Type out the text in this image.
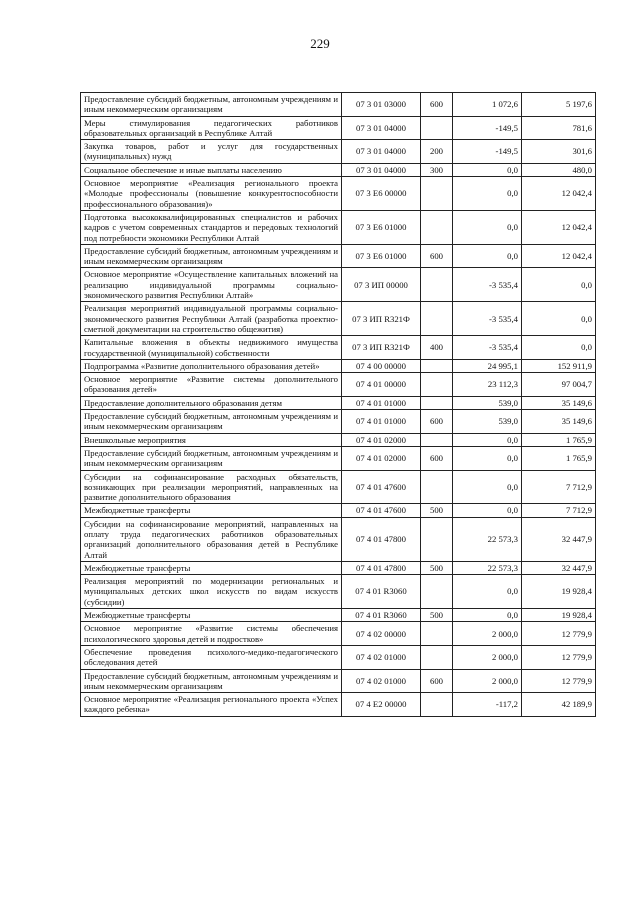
229
Предоставление субсидий бюджетным, автономным учреждениям и иным некоммерческим организациям	07 3 01 03000	600	1 072,6	5 197,6
Меры стимулирования педагогических работников образовательных организаций в Республике Алтай	07 3 01 04000		-149,5	781,6
Закупка товаров, работ и услуг для государственных (муниципальных) нужд	07 3 01 04000	200	-149,5	301,6
Социальное обеспечение и иные выплаты населению	07 3 01 04000	300	0,0	480,0
Основное мероприятие «Реализация регионального проекта «Молодые профессионалы (повышение конкурентоспособности профессионального образования)»	07 3 E6 00000		0,0	12 042,4
Подготовка высококвалифицированных специалистов и рабочих кадров с учетом современных стандартов и передовых технологий под потребности экономики Республики Алтай	07 3 E6 01000		0,0	12 042,4
Предоставление субсидий бюджетным, автономным учреждениям и иным некоммерческим организациям	07 3 E6 01000	600	0,0	12 042,4
Основное мероприятие «Осуществление капитальных вложений на реализацию индивидуальной программы социально-экономического развития Республики Алтай»	07 3 ИП 00000		-3 535,4	0,0
Реализация мероприятий индивидуальной программы социально-экономического развития Республики Алтай (разработка проектно-сметной документации на строительство общежития)	07 3 ИП R321Ф		-3 535,4	0,0
Капитальные вложения в объекты недвижимого имущества государственной (муниципальной) собственности	07 3 ИП R321Ф	400	-3 535,4	0,0
Подпрограмма «Развитие дополнительного образования детей»	07 4 00 00000		24 995,1	152 911,9
Основное мероприятие «Развитие системы дополнительного образования детей»	07 4 01 00000		23 112,3	97 004,7
Предоставление дополнительного образования детям	07 4 01 01000		539,0	35 149,6
Предоставление субсидий бюджетным, автономным учреждениям и иным некоммерческим организациям	07 4 01 01000	600	539,0	35 149,6
Внешкольные мероприятия	07 4 01 02000		0,0	1 765,9
Предоставление субсидий бюджетным, автономным учреждениям и иным некоммерческим организациям	07 4 01 02000	600	0,0	1 765,9
Субсидии на софинансирование расходных обязательств, возникающих при реализации мероприятий, направленных на развитие дополнительного образования	07 4 01 47600		0,0	7 712,9
Межбюджетные трансферты	07 4 01 47600	500	0,0	7 712,9
Субсидии на софинансирование мероприятий, направленных на оплату труда педагогических работников образовательных организаций дополнительного образования детей в Республике Алтай	07 4 01 47800		22 573,3	32 447,9
Межбюджетные трансферты	07 4 01 47800	500	22 573,3	32 447,9
Реализация мероприятий по модернизации региональных и муниципальных детских школ искусств по видам искусств (субсидии)	07 4 01 R3060		0,0	19 928,4
Межбюджетные трансферты	07 4 01 R3060	500	0,0	19 928,4
Основное мероприятие «Развитие системы обеспечения психологического здоровья детей и подростков»	07 4 02 00000		2 000,0	12 779,9
Обеспечение проведения психолого-медико-педагогического обследования детей	07 4 02 01000		2 000,0	12 779,9
Предоставление субсидий бюджетным, автономным учреждениям и иным некоммерческим организациям	07 4 02 01000	600	2 000,0	12 779,9
Основное мероприятие «Реализация регионального проекта «Успех каждого ребенка»	07 4 E2 00000		-117,2	42 189,9
